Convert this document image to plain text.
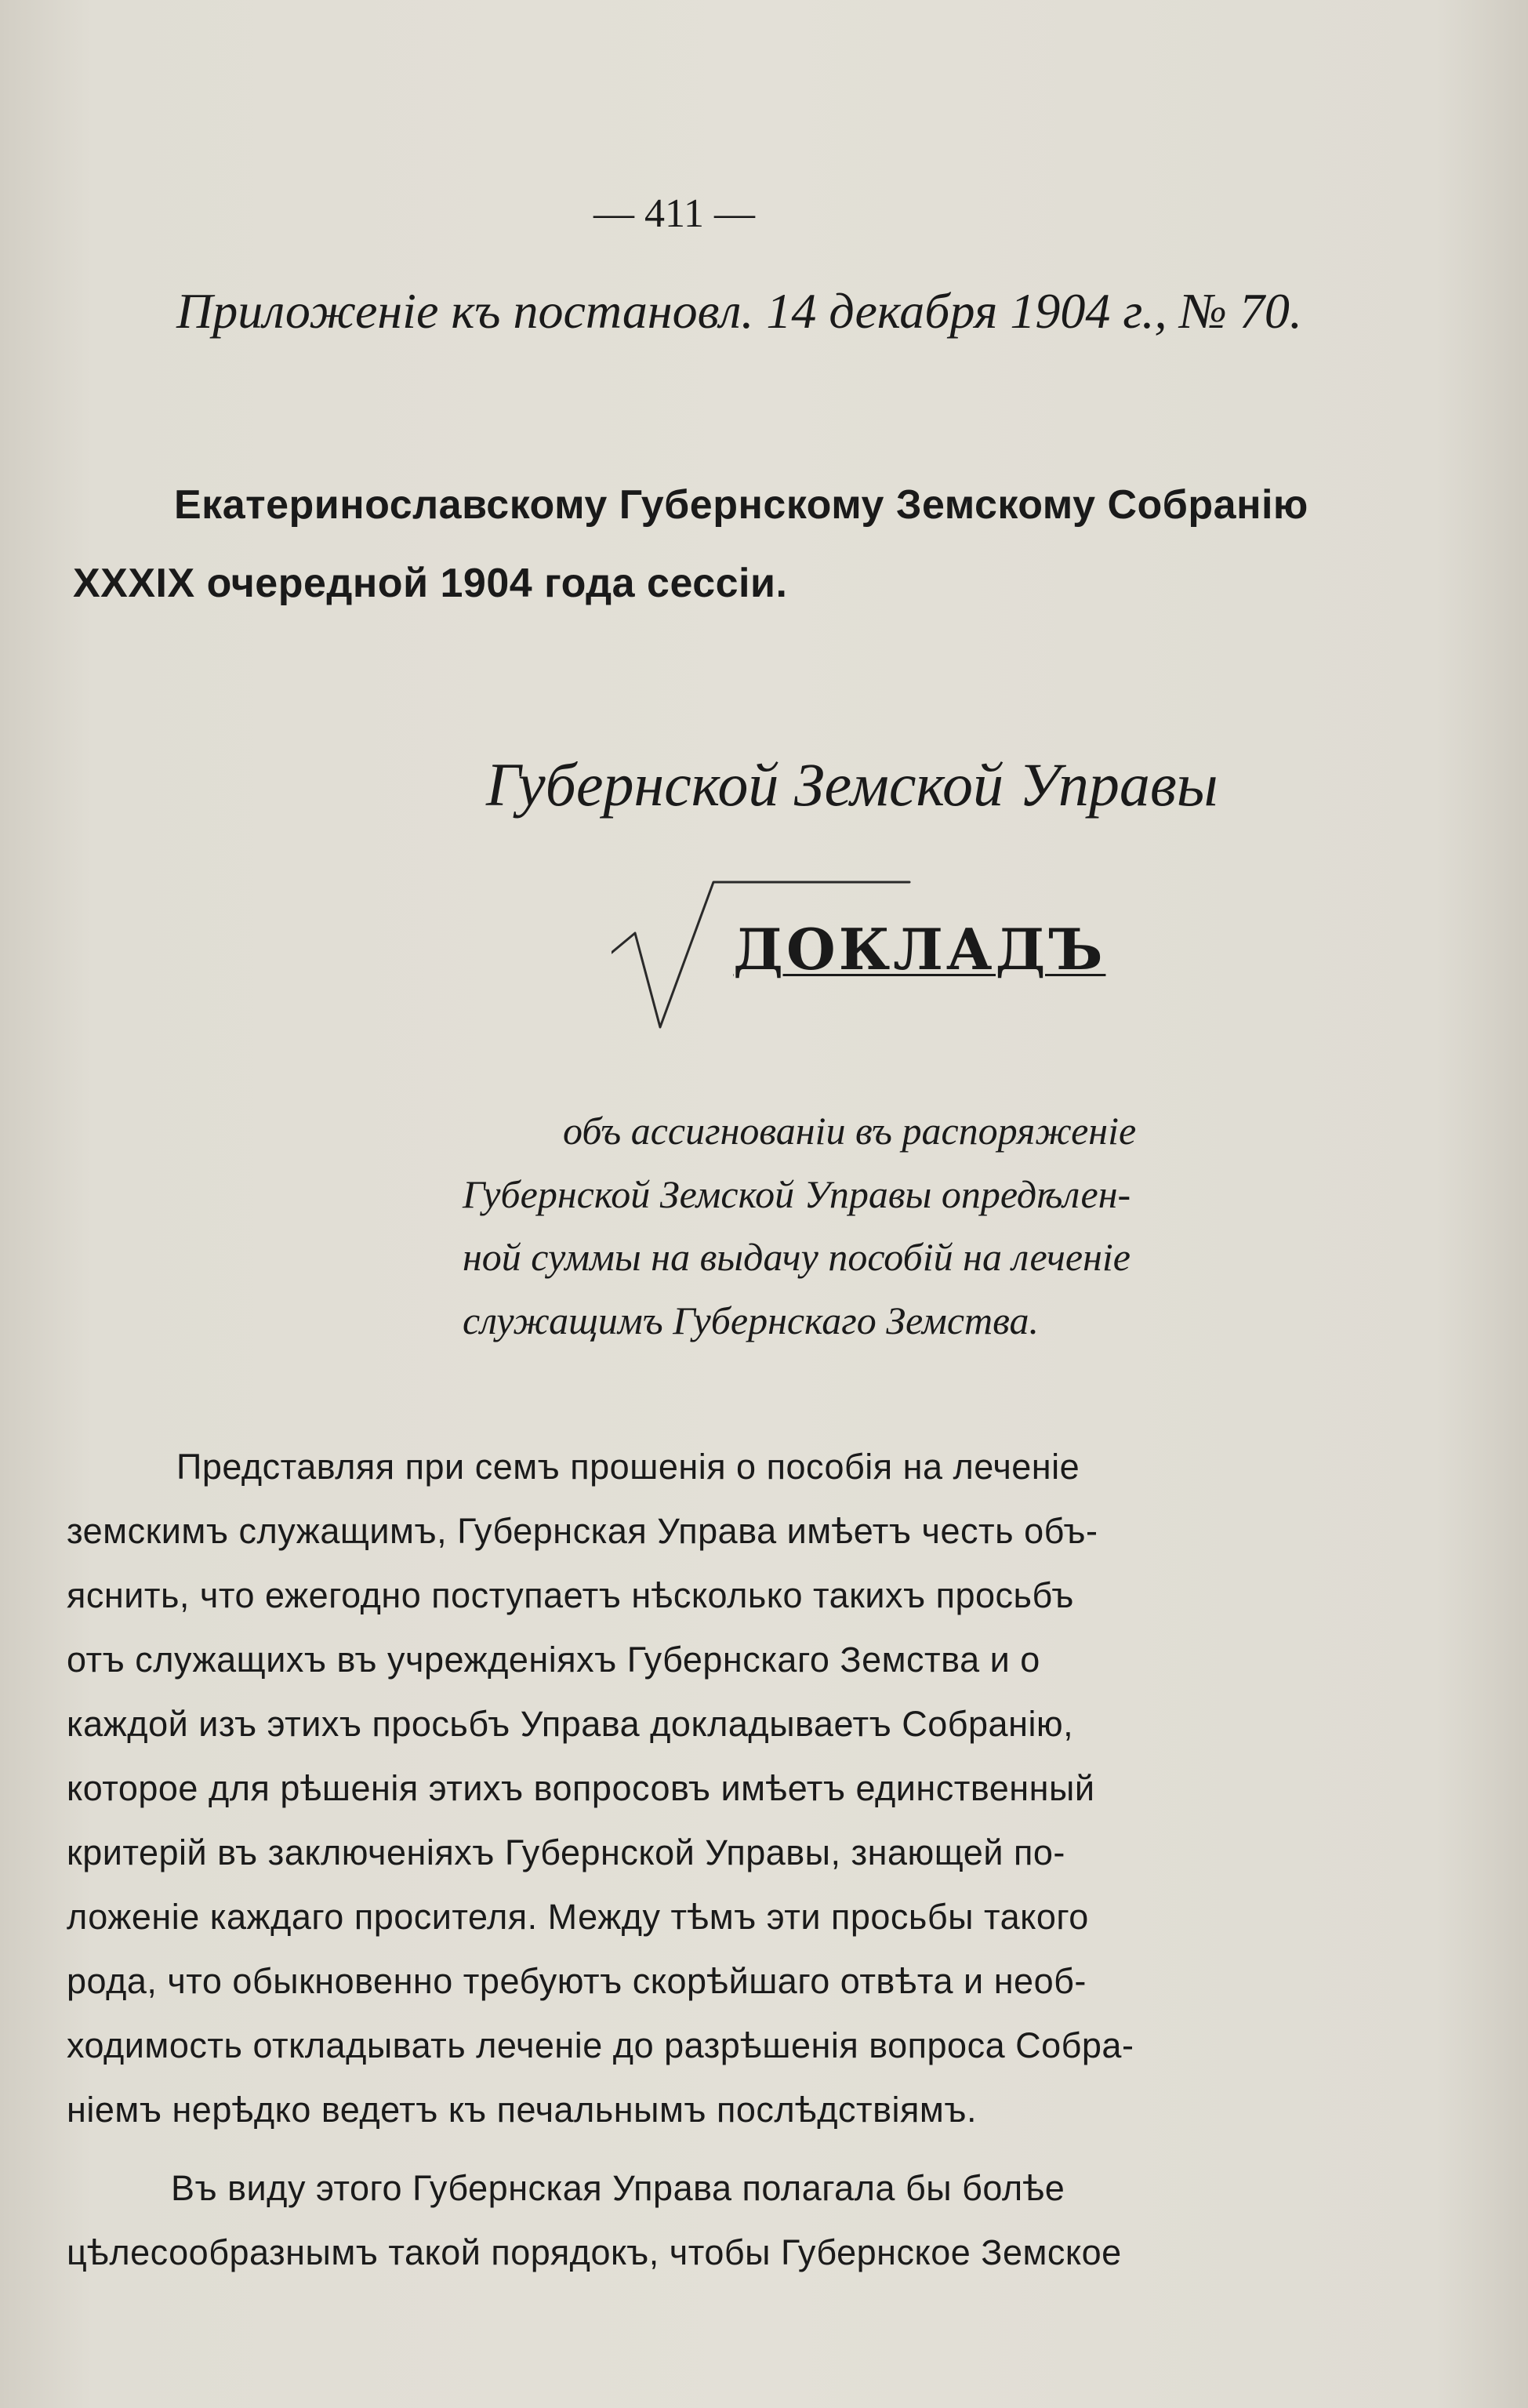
— 411 —
Приложеніе къ постановл. 14 декабря 1904 г., № 70.
Екатеринославскому Губернскому Земскому Собранію
XXXIX очередной 1904 года сессіи.
Губернской Земской Управы
ДОКЛАДЪ
объ ассигнованіи въ распоряженіе
Губернской Земской Управы опредѣлен-
ной суммы на выдачу пособій на леченіе
служащимъ Губернскаго Земства.
Представляя при семъ прошенія о пособія на леченіе
земскимъ служащимъ, Губернская Управа имѣетъ честь объ-
яснить, что ежегодно поступаетъ нѣсколько такихъ просьбъ
отъ служащихъ въ учрежденіяхъ Губернскаго Земства и о
каждой изъ этихъ просьбъ Управа докладываетъ Собранію,
которое для рѣшенія этихъ вопросовъ имѣетъ единственный
критерій въ заключеніяхъ Губернской Управы, знающей по-
ложеніе каждаго просителя. Между тѣмъ эти просьбы такого
рода, что обыкновенно требуютъ скорѣйшаго отвѣта и необ-
ходимость откладывать леченіе до разрѣшенія вопроса Собра-
ніемъ нерѣдко ведетъ къ печальнымъ послѣдствіямъ.
Въ виду этого Губернская Управа полагала бы болѣе
цѣлесообразнымъ такой порядокъ, чтобы Губернское Земское
